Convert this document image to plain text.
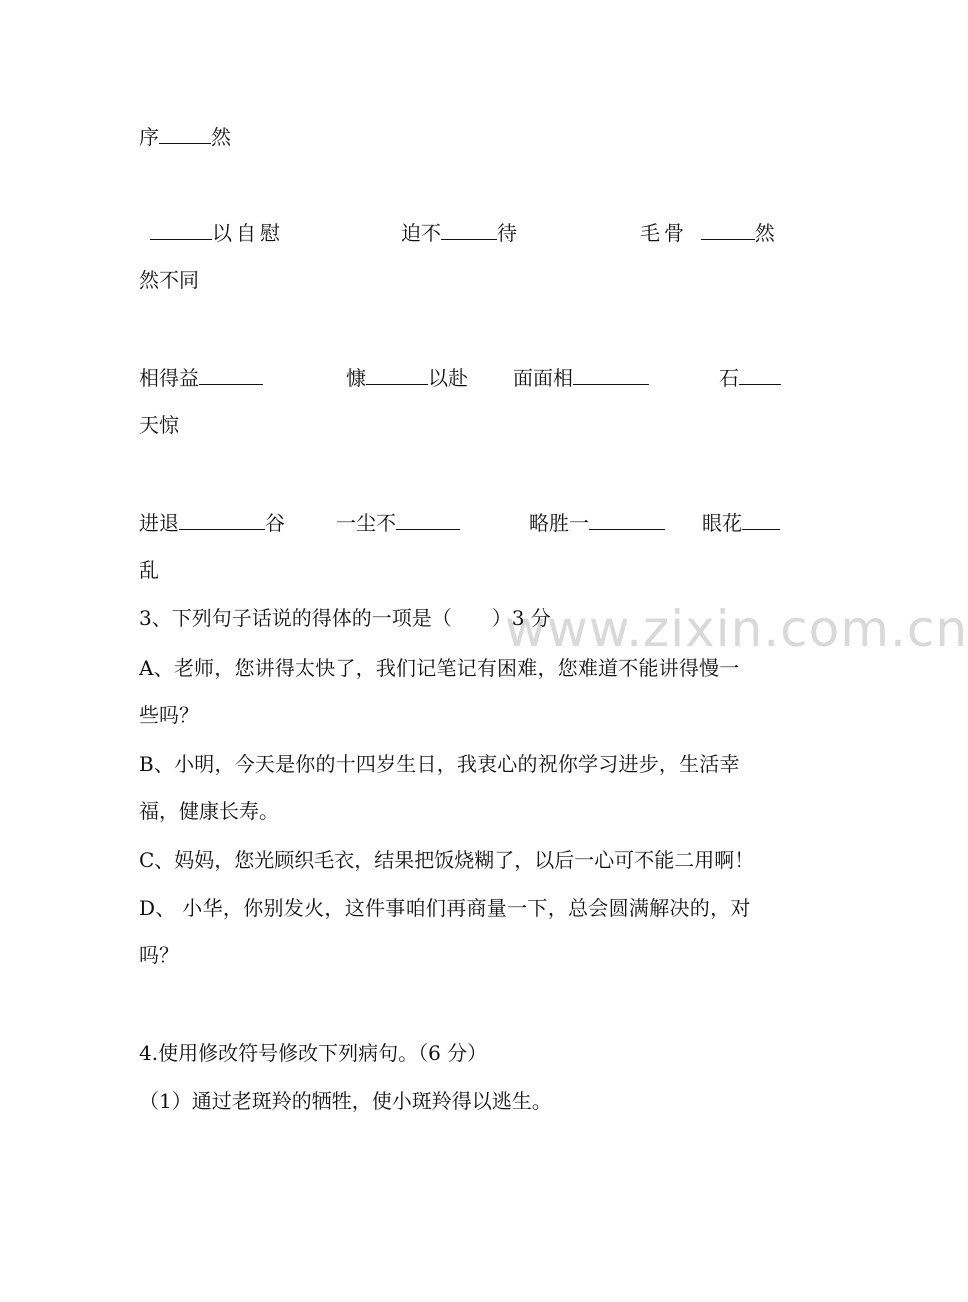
www.zixin.com.cn
序	然
以自慰	迫不	待	毛骨	然
然不同
相得益	慷	以赴 面面相	石
天惊
进退	谷	一尘不	略胜一	眼花
乱
3、下列句子话说的得体的一项是（　　）3 分
A、老师，您讲得太快了，我们记笔记有困难，您难道不能讲得慢一
些吗？
B、小明，今天是你的十四岁生日，我衷心的祝你学习进步，生活幸
福，健康长寿。
C、妈妈，您光顾织毛衣，结果把饭烧糊了，以后一心可不能二用啊！
D、 小华，你别发火，这件事咱们再商量一下，总会圆满解决的，对
吗？
4.使用修改符号修改下列病句。（6 分）
（1）通过老斑羚的牺牲，使小斑羚得以逃生。
